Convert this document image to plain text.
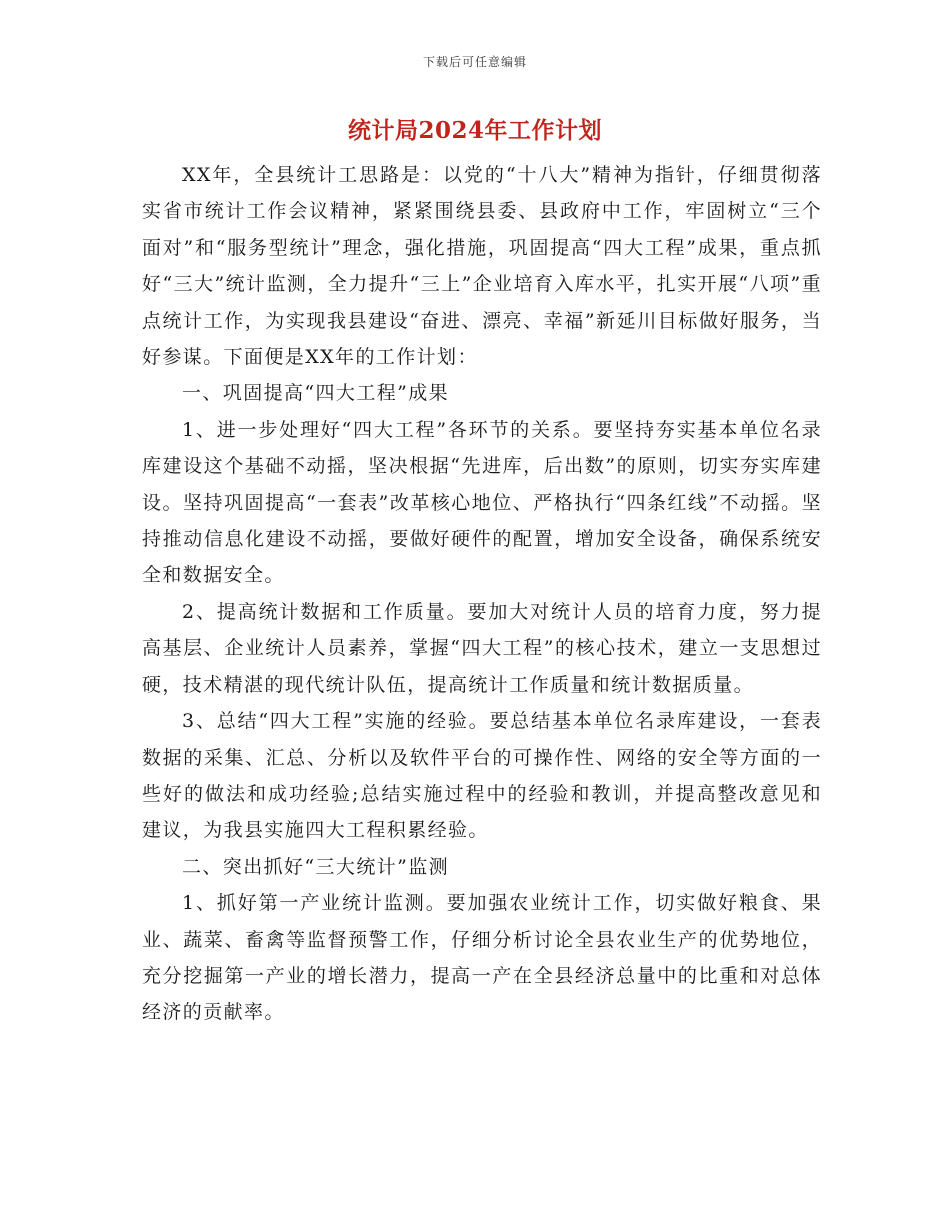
下载后可任意编辑
统计局2024年工作计划

XX年，全县统计工思路是：以党的“十八大”精神为指针，仔细贯彻落实省市统计工作会议精神，紧紧围绕县委、县政府中工作，牢固树立“三个面对”和“服务型统计”理念，强化措施，巩固提高“四大工程”成果，重点抓好“三大”统计监测，全力提升“三上”企业培育入库水平，扎实开展“八项”重点统计工作，为实现我县建设“奋进、漂亮、幸福”新延川目标做好服务，当好参谋。下面便是XX年的工作计划：

一、巩固提高“四大工程”成果

1、进一步处理好“四大工程”各环节的关系。要坚持夯实基本单位名录库建设这个基础不动摇，坚决根据“先进库，后出数”的原则，切实夯实库建设。坚持巩固提高“一套表”改革核心地位、严格执行“四条红线”不动摇。坚持推动信息化建设不动摇，要做好硬件的配置，增加安全设备，确保系统安全和数据安全。

2、提高统计数据和工作质量。要加大对统计人员的培育力度，努力提高基层、企业统计人员素养，掌握“四大工程”的核心技术，建立一支思想过硬，技术精湛的现代统计队伍，提高统计工作质量和统计数据质量。

3、总结“四大工程”实施的经验。要总结基本单位名录库建设，一套表数据的采集、汇总、分析以及软件平台的可操作性、网络的安全等方面的一些好的做法和成功经验;总结实施过程中的经验和教训，并提高整改意见和建议，为我县实施四大工程积累经验。

二、突出抓好“三大统计”监测

1、抓好第一产业统计监测。要加强农业统计工作，切实做好粮食、果业、蔬菜、畜禽等监督预警工作，仔细分析讨论全县农业生产的优势地位，充分挖掘第一产业的增长潜力，提高一产在全县经济总量中的比重和对总体经济的贡献率。
